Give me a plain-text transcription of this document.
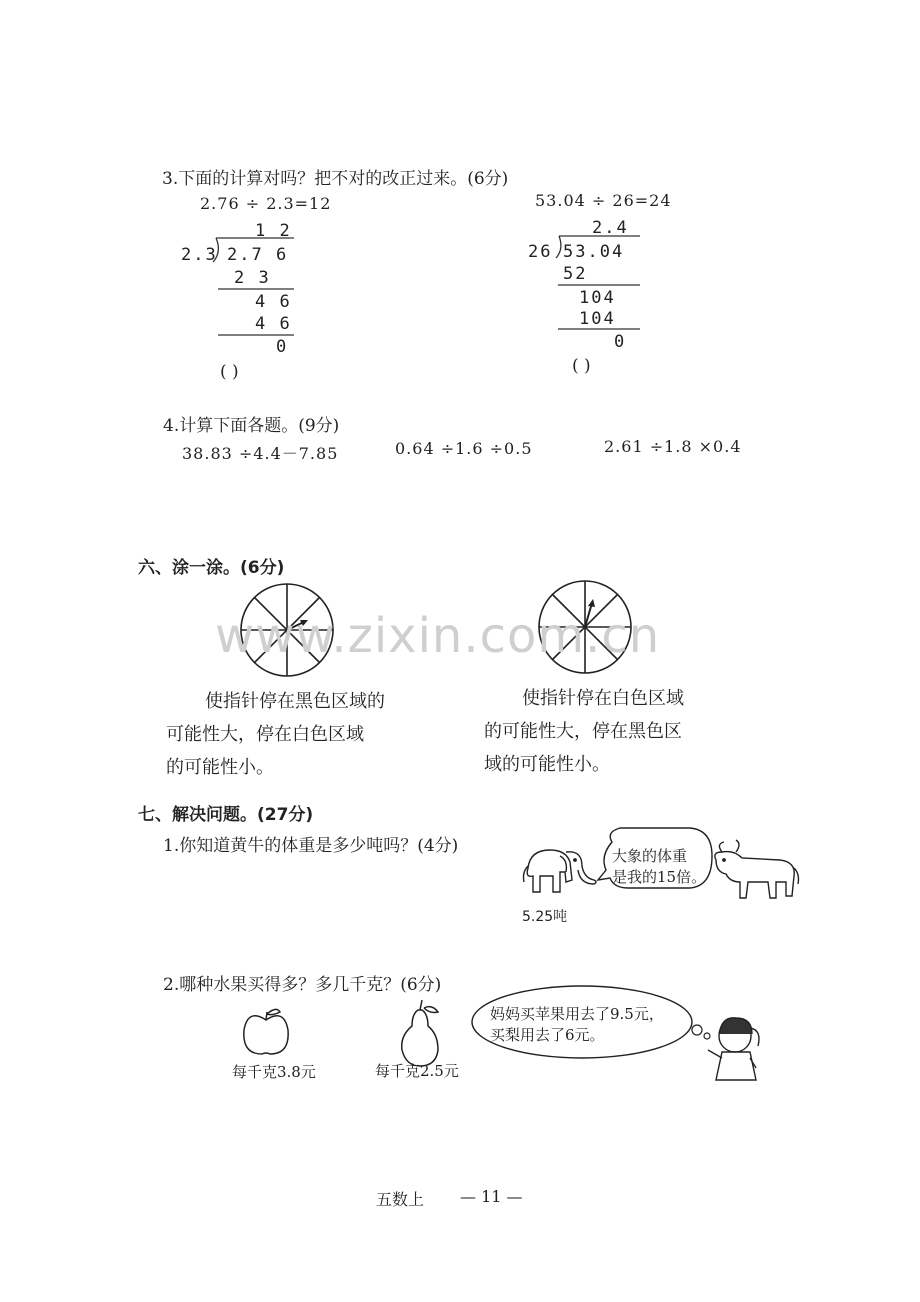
3.下面的计算对吗？把不对的改正过来。(6分)
2.76 ÷ 2.3=12
1 2
2.3 2.7 6
2 3
4 6
4 6
0
( )
53.04 ÷ 26=24
2.4
26 53.04
52
104
104
0
( )
4.计算下面各题。(9分)
38.83 ÷4.4－7.85	0.64 ÷1.6 ÷0.5	2.61 ÷1.8 ×0.4
六、涂一涂。(6分)
www.zixin.com.cn
使指针停在黑色区域的
可能性大，停在白色区域
的可能性小。
使指针停在白色区域
的可能性大，停在黑色区
域的可能性小。
七、解决问题。(27分)
1.你知道黄牛的体重是多少吨吗？(4分)
5.25吨
大象的体重
是我的15倍。
2.哪种水果买得多？多几千克？(6分)
每千克3.8元	每千克2.5元
妈妈买苹果用去了9.5元，
买梨用去了6元。
五数上 — 11 —
